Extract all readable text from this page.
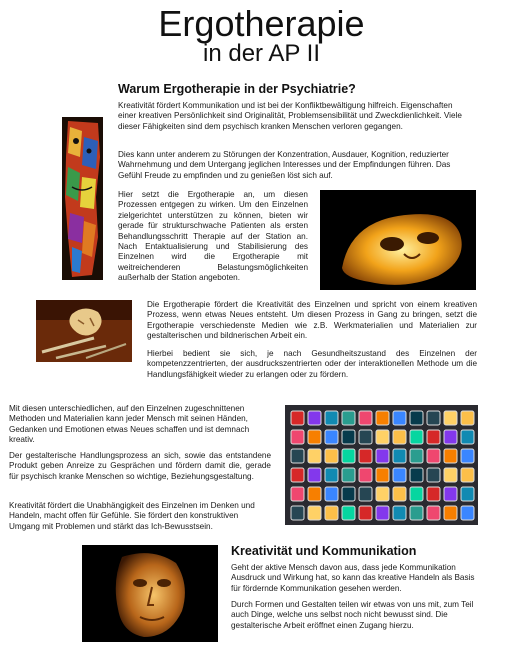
Ergotherapie
in der AP II
Warum Ergotherapie in der Psychiatrie?
Kreativität fördert Kommunikation und ist bei der Konfliktbewältigung hilfreich. Eigenschaften einer kreativen Persönlichkeit sind Originalität, Problemsensibilität und Zweckdienlichkeit. Viele dieser Fähigkeiten sind dem psychisch kranken Menschen verloren gegangen.
Dies kann unter anderem zu Störungen der Konzentration, Ausdauer, Kognition, reduzierter Wahrnehmung und dem Untergang jeglichen Interesses und der Empfindungen führen. Das Gefühl Freude zu empfinden und zu genießen löst sich auf.
Hier setzt die Ergotherapie an, um diesen Prozessen entgegen zu wirken. Um den Einzelnen zielgerichtet unterstützen zu können, bieten wir gerade für strukturschwache Patienten als ersten Behandlungsschritt Therapie auf der Station an. Nach Entaktualisierung und Stabilisierung des Einzelnen wird die Ergotherapie mit weitreichenderen Belastungsmöglichkeiten außerhalb der Station angeboten.
Die Ergotherapie fördert die Kreativität des Einzelnen und spricht von einem kreativen Prozess, wenn etwas Neues entsteht. Um diesen Prozess in Gang zu bringen, setzt die Ergotherapie verschiedenste Medien wie z.B. Werkmaterialien und Materialien zur gestalterischen und bildnerischen Arbeit ein.
Hierbei bedient sie sich, je nach Gesundheitszustand des Einzelnen der kompetenzzentrierten, der ausdruckszentrierten oder der interaktionellen Methode um die Handlungsfähigkeit wieder zu erlangen oder zu fördern.
Mit diesen unterschiedlichen, auf den Einzelnen zugeschnittenen Methoden und Materialien kann jeder Mensch mit seinen Händen, Gedanken und Emotionen etwas Neues schaffen und ist demnach kreativ.
Der gestalterische Handlungsprozess an sich, sowie das entstandene Produkt geben Anreize zu Gesprächen und fördern damit die, gerade für psychisch kranke Menschen so wichtige, Beziehungsgestaltung.
Kreativität fördert die Unabhängigkeit des Einzelnen im Denken und Handeln, macht offen für Gefühle. Sie fördert den konstruktiven Umgang mit Problemen und stärkt das Ich-Bewusstsein.
Kreativität und Kommunikation
Geht der aktive Mensch davon aus, dass jede Kommunikation Ausdruck und Wirkung hat, so kann das kreative Handeln als Basis für fördernde Kommunikation gesehen werden.
Durch Formen und Gestalten teilen wir etwas von uns mit, zum Teil auch Dinge, welche uns selbst noch nicht bewusst sind. Die gestalterische Arbeit eröffnet einen Zugang hierzu.
